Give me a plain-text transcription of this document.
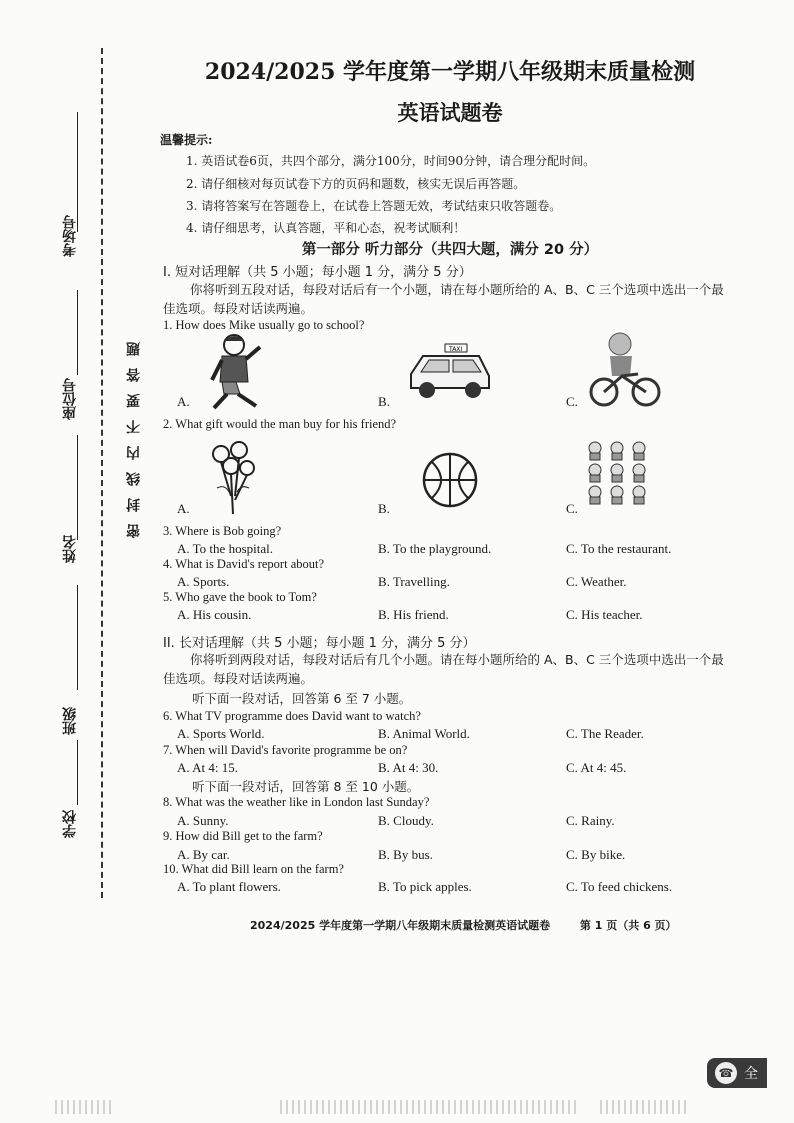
考场号
座位号
姓名
班级
学校
密封线内不要答题
2024/2025 学年度第一学期八年级期末质量检测
英语试题卷
温馨提示:
1. 英语试卷6页，共四个部分，满分100分，时间90分钟，请合理分配时间。
2. 请仔细核对每页试卷下方的页码和题数，核实无误后再答题。
3. 请将答案写在答题卷上，在试卷上答题无效，考试结束只收答题卷。
4. 请仔细思考，认真答题，平和心态，祝考试顺利！
第一部分 听力部分（共四大题，满分 20 分）
I. 短对话理解（共 5 小题；每小题 1 分，满分 5 分）
你将听到五段对话，每段对话后有一个小题，请在每小题所给的 A、B、C 三个选项中选出一个最佳选项。每段对话读两遍。
1. How does Mike usually go to school?
A.	B.
TAXI
C.
2. What gift would the man buy for his friend?
A.	B.	C.
3. Where is Bob going?
A. To the hospital.	B. To the playground.	C. To the restaurant.
4. What is David's report about?
A. Sports.	B. Travelling.	C. Weather.
5. Who gave the book to Tom?
A. His cousin.	B. His friend.	C. His teacher.
II. 长对话理解（共 5 小题；每小题 1 分，满分 5 分）
你将听到两段对话，每段对话后有几个小题。请在每小题所给的 A、B、C 三个选项中选出一个最佳选项。每段对话读两遍。
听下面一段对话，回答第 6 至 7 小题。
6. What TV programme does David want to watch?
A. Sports World.	B. Animal World.	C. The Reader.
7. When will David's favorite programme be on?
A. At 4: 15.	B. At 4: 30.	C. At 4: 45.
听下面一段对话，回答第 8 至 10 小题。
8. What was the weather like in London last Sunday?
A. Sunny.	B. Cloudy.	C. Rainy.
9. How did Bill get to the farm?
A. By car.	B. By bus.	C. By bike.
10. What did Bill learn on the farm?
A. To plant flowers.	B. To pick apples.	C. To feed chickens.
2024/2025 学年度第一学期八年级期末质量检测英语试题卷	第 1 页（共 6 页）
☎ 全
